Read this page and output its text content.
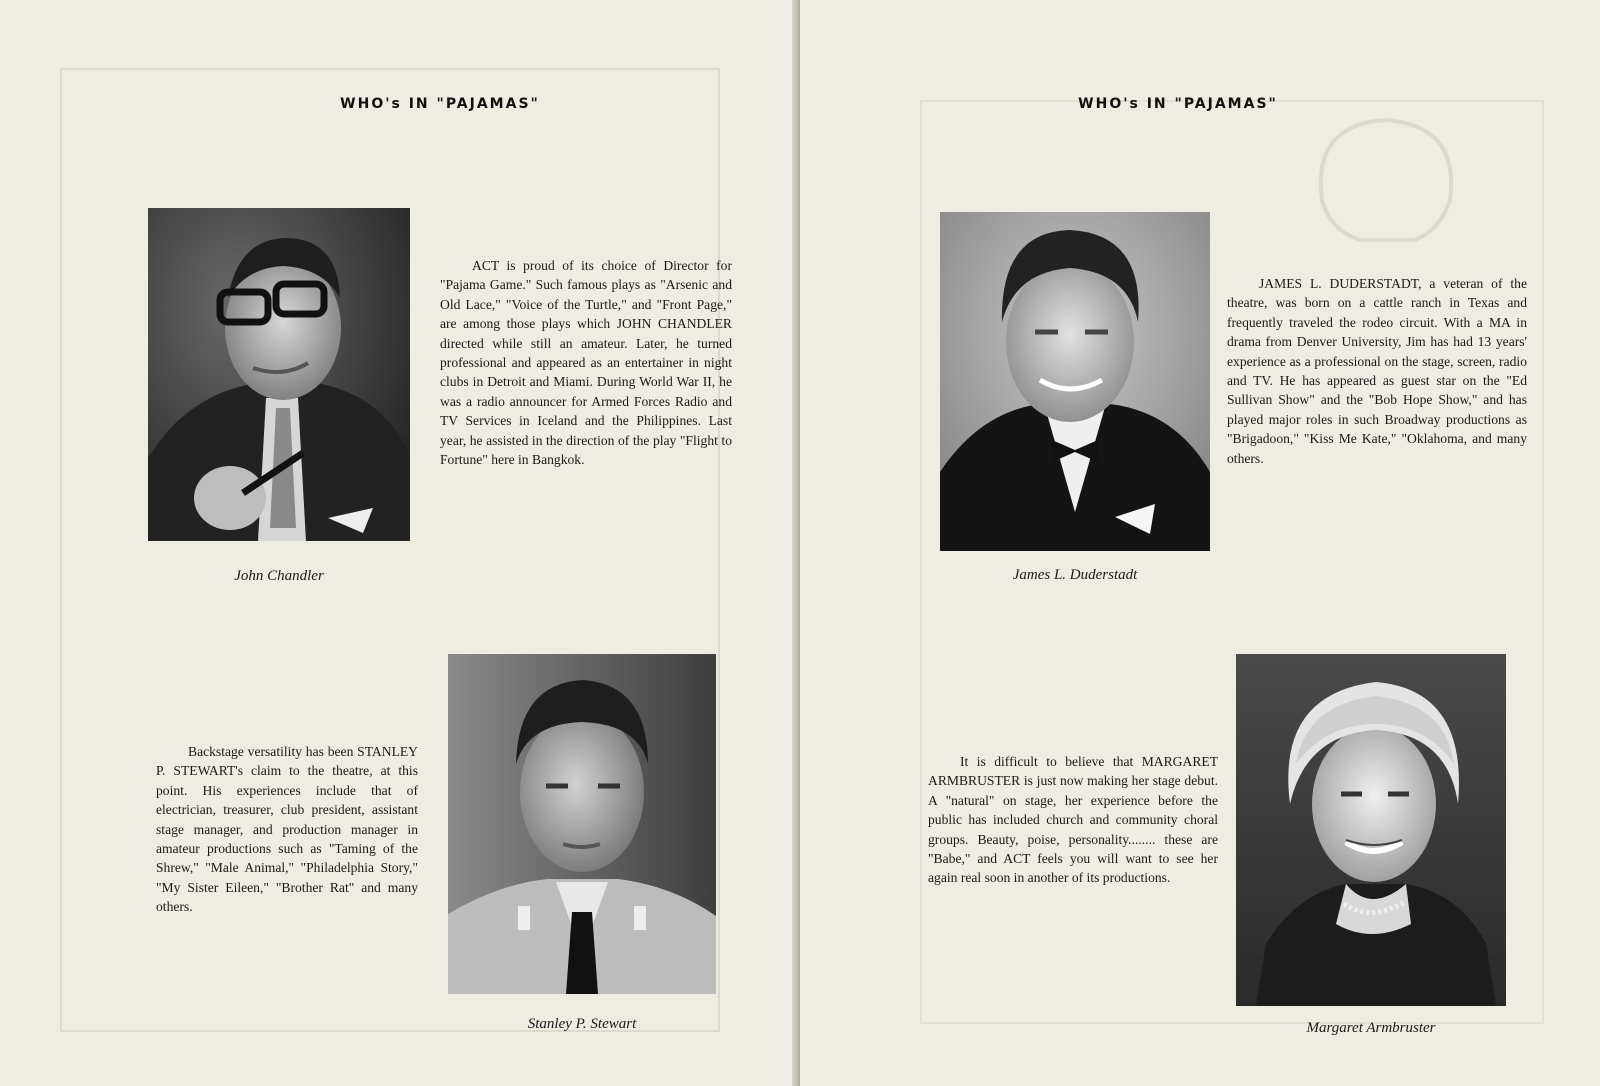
WHO's IN "PAJAMAS"
John Chandler

ACT is proud of its choice of Director for "Pajama Game." Such famous plays as "Arsenic and Old Lace," "Voice of the Turtle," and "Front Page," are among those plays which JOHN CHANDLER directed while still an amateur. Later, he turned professional and appeared as an entertainer in night clubs in Detroit and Miami. During World War II, he was a radio announcer for Armed Forces Radio and TV Services in Iceland and the Philippines. Last year, he assisted in the direction of the play "Flight to Fortune" here in Bangkok.

Stanley P. Stewart

Backstage versatility has been STANLEY P. STEWART's claim to the theatre, at this point. His experiences include that of electrician, treasurer, club president, assistant stage manager, and production manager in amateur productions such as "Taming of the Shrew," "Male Animal," "Philadelphia Story," "My Sister Eileen," "Brother Rat" and many others.

WHO's IN "PAJAMAS"
James L. Duderstadt

JAMES L. DUDERSTADT, a veteran of the theatre, was born on a cattle ranch in Texas and frequently traveled the rodeo circuit. With a MA in drama from Denver University, Jim has had 13 years' experience as a professional on the stage, screen, radio and TV. He has appeared as guest star on the "Ed Sullivan Show" and the "Bob Hope Show," and has played major roles in such Broadway productions as "Brigadoon," "Kiss Me Kate," "Oklahoma, and many others.

Margaret Armbruster

It is difficult to believe that MARGARET ARMBRUSTER is just now making her stage debut. A "natural" on stage, her experience before the public has included church and community choral groups. Beauty, poise, personality........ these are "Babe," and ACT feels you will want to see her again real soon in another of its productions.
